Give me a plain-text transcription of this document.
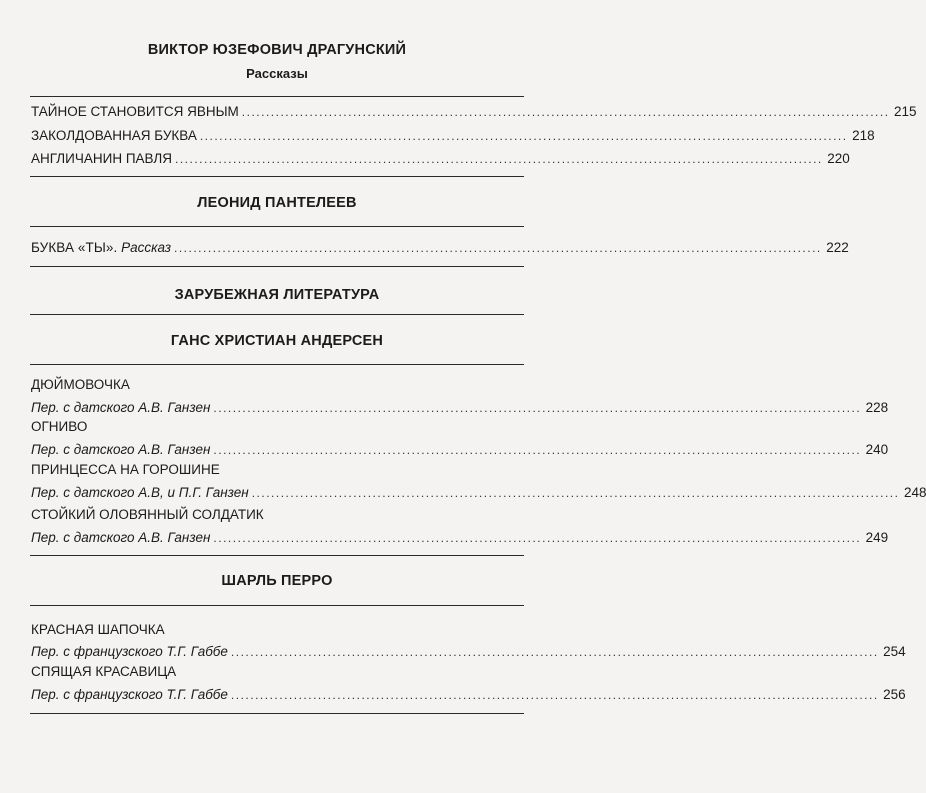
ВИКТОР ЮЗЕФОВИЧ ДРАГУНСКИЙ
Рассказы
ТАЙНОЕ СТАНОВИТСЯ ЯВНЫМ ...................................................................................................................................... 215
ЗАКОЛДОВАННАЯ БУКВА ...................................................................................................................................... 218
АНГЛИЧАНИН ПАВЛЯ ...................................................................................................................................... 220
ЛЕОНИД ПАНТЕЛЕЕВ
БУКВА «ТЫ». Рассказ ...................................................................................................................................... 222
ЗАРУБЕЖНАЯ ЛИТЕРАТУРА
ГАНС ХРИСТИАН АНДЕРСЕН
ДЮЙМОВОЧКА
Пер. с датского А.В. Ганзен ...................................................................................................................................... 228
ОГНИВО
Пер. с датского А.В. Ганзен ...................................................................................................................................... 240
ПРИНЦЕССА НА ГОРОШИНЕ
Пер. с датского А.В, и П.Г. Ганзен ...................................................................................................................................... 248
СТОЙКИЙ ОЛОВЯННЫЙ СОЛДАТИК
Пер. с датского А.В. Ганзен ...................................................................................................................................... 249
ШАРЛЬ ПЕРРО
КРАСНАЯ ШАПОЧКА
Пер. с французского Т.Г. Габбе ...................................................................................................................................... 254
СПЯЩАЯ КРАСАВИЦА
Пер. с французского Т.Г. Габбе ...................................................................................................................................... 256
